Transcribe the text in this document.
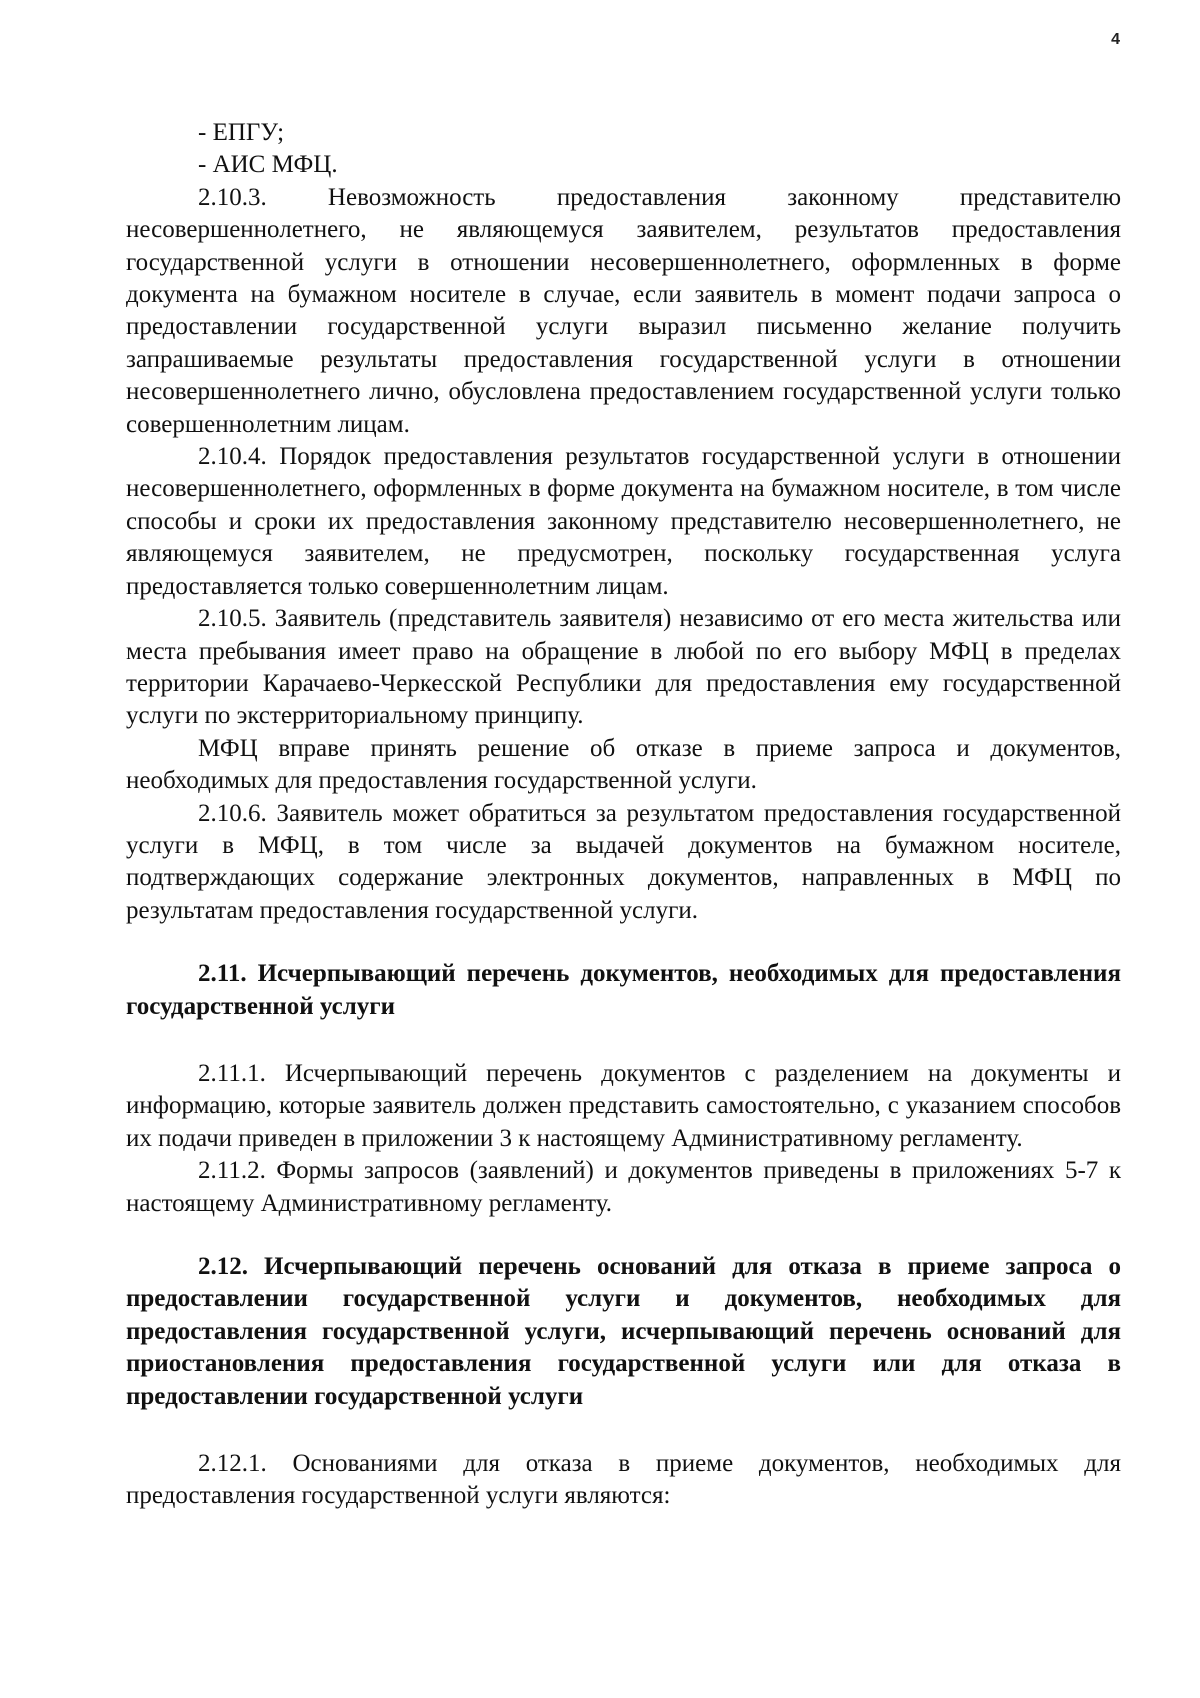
4

- ЕПГУ;

- АИС МФЦ.

2.10.3. Невозможность предоставления законному представителю несовершеннолетнего, не являющемуся заявителем, результатов предоставления государственной услуги в отношении несовершеннолетнего, оформленных в форме документа на бумажном носителе в случае, если заявитель в момент подачи запроса о предоставлении государственной услуги выразил письменно желание получить запрашиваемые результаты предоставления государственной услуги в отношении несовершеннолетнего лично, обусловлена предоставлением государственной услуги только совершеннолетним лицам.

2.10.4. Порядок предоставления результатов государственной услуги в отношении несовершеннолетнего, оформленных в форме документа на бумажном носителе, в том числе способы и сроки их предоставления законному представителю несовершеннолетнего, не являющемуся заявителем, не предусмотрен, поскольку государственная услуга предоставляется только совершеннолетним лицам.

2.10.5. Заявитель (представитель заявителя) независимо от его места жительства или места пребывания имеет право на обращение в любой по его выбору МФЦ в пределах территории Карачаево-Черкесской Республики для предоставления ему государственной услуги по экстерриториальному принципу.

МФЦ вправе принять решение об отказе в приеме запроса и документов, необходимых для предоставления государственной услуги.

2.10.6. Заявитель может обратиться за результатом предоставления государственной услуги в МФЦ, в том числе за выдачей документов на бумажном носителе, подтверждающих содержание электронных документов, направленных в МФЦ по результатам предоставления государственной услуги.

2.11. Исчерпывающий перечень документов, необходимых для предоставления государственной услуги

2.11.1. Исчерпывающий перечень документов с разделением на документы и информацию, которые заявитель должен представить самостоятельно, с указанием способов их подачи приведен в приложении 3 к настоящему Административному регламенту.

2.11.2. Формы запросов (заявлений) и документов приведены в приложениях 5-7 к настоящему Административному регламенту.

2.12. Исчерпывающий перечень оснований для отказа в приеме запроса о предоставлении государственной услуги и документов, необходимых для предоставления государственной услуги, исчерпывающий перечень оснований для приостановления предоставления государственной услуги или для отказа в предоставлении государственной услуги

2.12.1. Основаниями для отказа в приеме документов, необходимых для предоставления государственной услуги являются:
